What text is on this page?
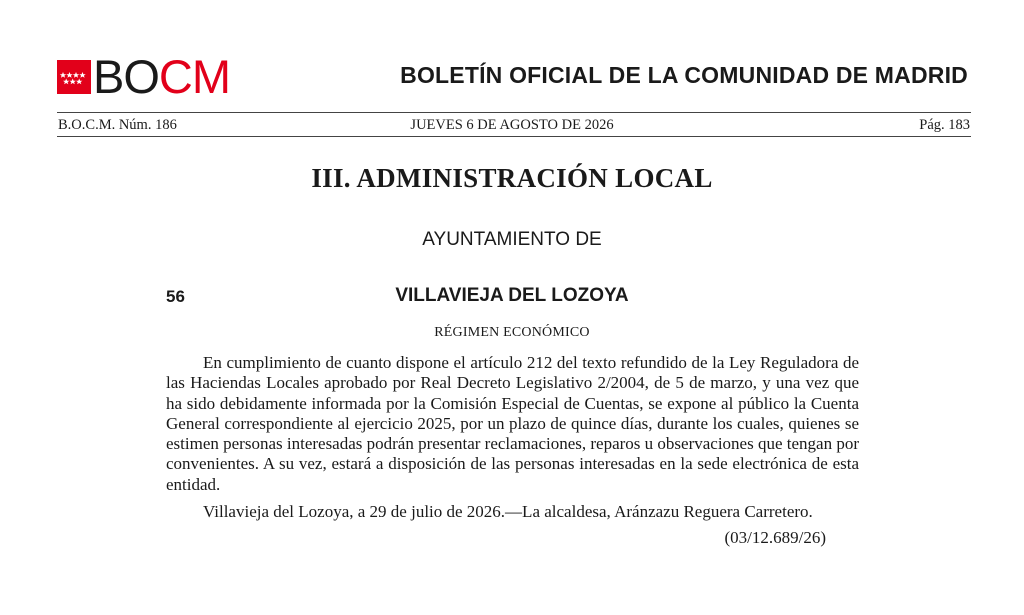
BOCM	BOLETÍN OFICIAL DE LA COMUNIDAD DE MADRID
B.O.C.M. Núm. 186	JUEVES 6 DE AGOSTO DE 2026	Pág. 183
III. ADMINISTRACIÓN LOCAL
AYUNTAMIENTO DE
VILLAVIEJA DEL LOZOYA
56
RÉGIMEN ECONÓMICO

En cumplimiento de cuanto dispone el artículo 212 del texto refundido de la Ley Reguladora de las Haciendas Locales aprobado por Real Decreto Legislativo 2/2004, de 5 de marzo, y una vez que ha sido debidamente informada por la Comisión Especial de Cuentas, se expone al público la Cuenta General correspondiente al ejercicio 2025, por un plazo de quince días, durante los cuales, quienes se estimen personas interesadas podrán presentar reclamaciones, reparos u observaciones que tengan por convenientes. A su vez, estará a disposición de las personas interesadas en la sede electrónica de esta entidad.

Villavieja del Lozoya, a 29 de julio de 2026.—La alcaldesa, Aránzazu Reguera Carretero.

(03/12.689/26)
